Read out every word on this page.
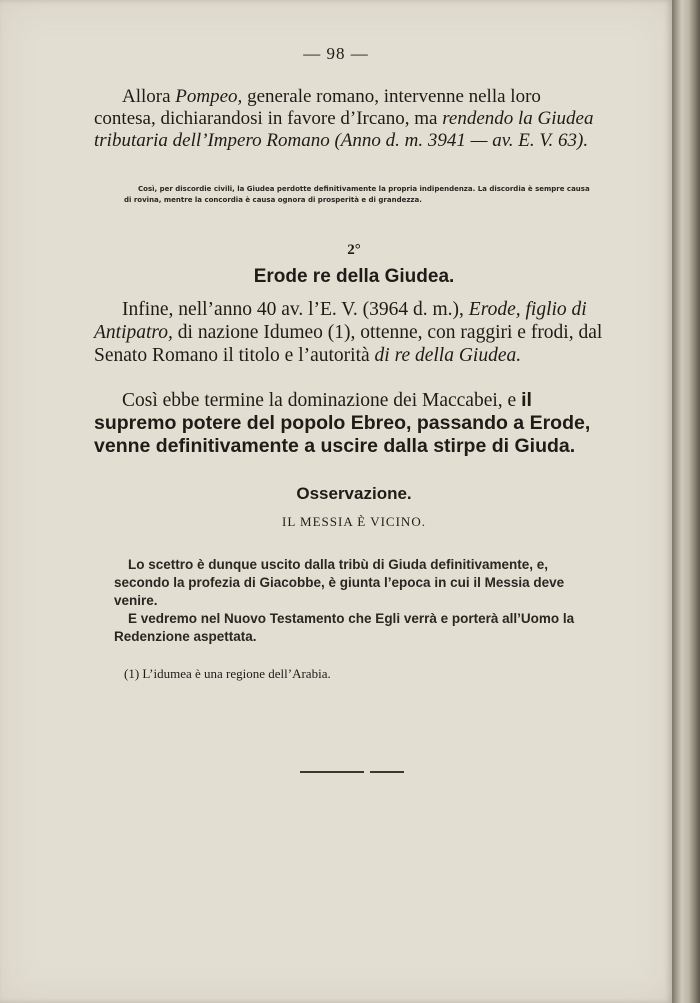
— 98 —
Allora Pompeo, generale romano, intervenne nella loro contesa, dichiarandosi in favore d’Ircano, ma rendendo la Giudea tributaria dell’Impero Romano (Anno d. m. 3941 — av. E. V. 63).
Così, per discordie civili, la Giudea perdotte definitivamente la propria indipendenza. La discordia è sempre causa di rovina, mentre la concordia è causa ognora di prosperità e di grandezza.
2°
Erode re della Giudea.
Infine, nell’anno 40 av. l’E. V. (3964 d. m.), Erode, figlio di Antipatro, di nazione Idumeo (1), ottenne, con raggiri e frodi, dal Senato Romano il titolo e l’autorità di re della Giudea.
Così ebbe termine la dominazione dei Maccabei, e il supremo potere del popolo Ebreo, passando a Erode, venne definitivamente a uscire dalla stirpe di Giuda.
Osservazione.
IL MESSIA È VICINO.
Lo scettro è dunque uscito dalla tribù di Giuda definitivamente, e, secondo la profezia di Giacobbe, è giunta l’epoca in cui il Messia deve venire.
E vedremo nel Nuovo Testamento che Egli verrà e porterà all’Uomo la Redenzione aspettata.
(1) L’idumea è una regione dell’Arabia.
